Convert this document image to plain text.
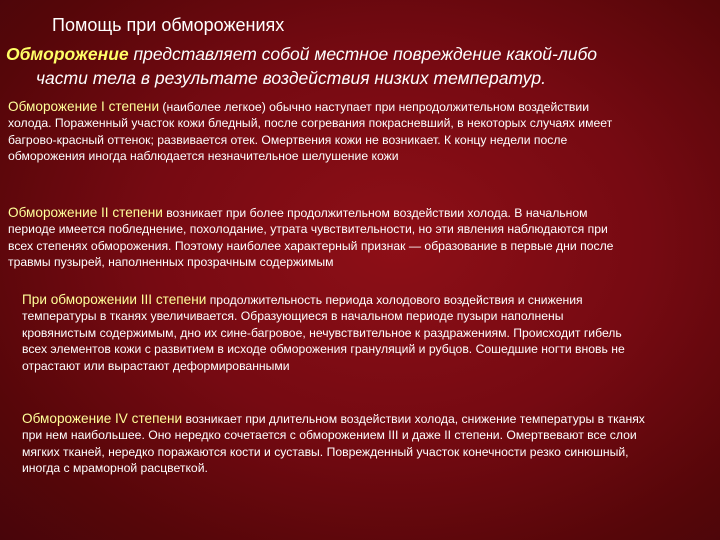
Помощь при обморожениях
Обморожение представляет собой местное повреждение какой-либо
части тела в результате воздействия низких температур.
Обморожение I степени (наиболее легкое) обычно наступает при непродолжительном воздействии холода. Пораженный участок кожи бледный, после согревания покрасневший, в некоторых случаях имеет багрово-красный оттенок; развивается отек. Омертвения кожи не возникает. К концу недели после обморожения иногда наблюдается незначительное шелушение кожи
Обморожение II степени возникает при более продолжительном воздействии холода. В начальном периоде имеется побледнение, похолодание, утрата чувствительности, но эти явления наблюдаются при всех степенях обморожения. Поэтому наиболее характерный признак — образование в первые дни после травмы пузырей, наполненных прозрачным содержимым
При обморожении III степени продолжительность периода холодового воздействия и снижения температуры в тканях увеличивается. Образующиеся в начальном периоде пузыри наполнены кровянистым содержимым, дно их сине-багровое, нечувствительное к раздражениям. Происходит гибель всех элементов кожи с развитием в исходе обморожения грануляций и рубцов. Сошедшие ногти вновь не отрастают или вырастают деформированными
Обморожение IV степени возникает при длительном воздействии холода, снижение температуры в тканях при нем наибольшее. Оно нередко сочетается с обморожением III и даже II степени. Омертвевают все слои мягких тканей, нередко поражаются кости и суставы. Поврежденный участок конечности резко синюшный, иногда с мраморной расцветкой.
